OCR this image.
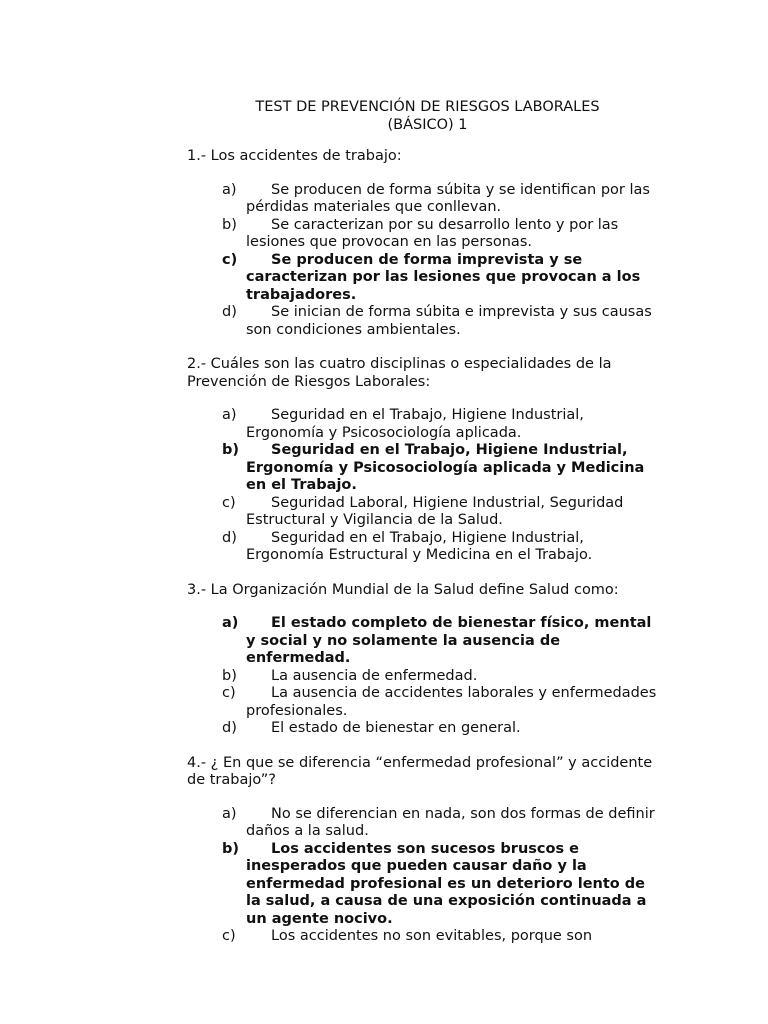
TEST DE PREVENCIÓN DE RIESGOS LABORALES
(BÁSICO) 1

1.- Los accidentes de trabajo:

a) Se producen de forma súbita y se identifican por las pérdidas materiales que conllevan.
b) Se caracterizan por su desarrollo lento y por las lesiones que provocan en las personas.
c) Se producen de forma imprevista y se caracterizan por las lesiones que provocan a los trabajadores.
d) Se inician de forma súbita e imprevista y sus causas son condiciones ambientales.

2.- Cuáles son las cuatro disciplinas o especialidades de la Prevención de Riesgos Laborales:

a) Seguridad en el Trabajo, Higiene Industrial, Ergonomía y Psicosociología aplicada.
b) Seguridad en el Trabajo, Higiene Industrial, Ergonomía y Psicosociología aplicada y Medicina en el Trabajo.
c) Seguridad Laboral, Higiene Industrial, Seguridad Estructural y Vigilancia de la Salud.
d) Seguridad en el Trabajo, Higiene Industrial, Ergonomía Estructural y Medicina en el Trabajo.

3.- La Organización Mundial de la Salud define Salud como:

a) El estado completo de bienestar físico, mental y social y no solamente la ausencia de enfermedad.
b) La ausencia de enfermedad.
c) La ausencia de accidentes laborales y enfermedades profesionales.
d) El estado de bienestar en general.

4.- ¿ En que se diferencia “enfermedad profesional” y accidente de trabajo”?

a) No se diferencian en nada, son dos formas de definir daños a la salud.
b) Los accidentes son sucesos bruscos e inesperados que pueden causar daño y la enfermedad profesional es un deterioro lento de la salud, a causa de una exposición continuada a un agente nocivo.
c) Los accidentes no son evitables, porque son
